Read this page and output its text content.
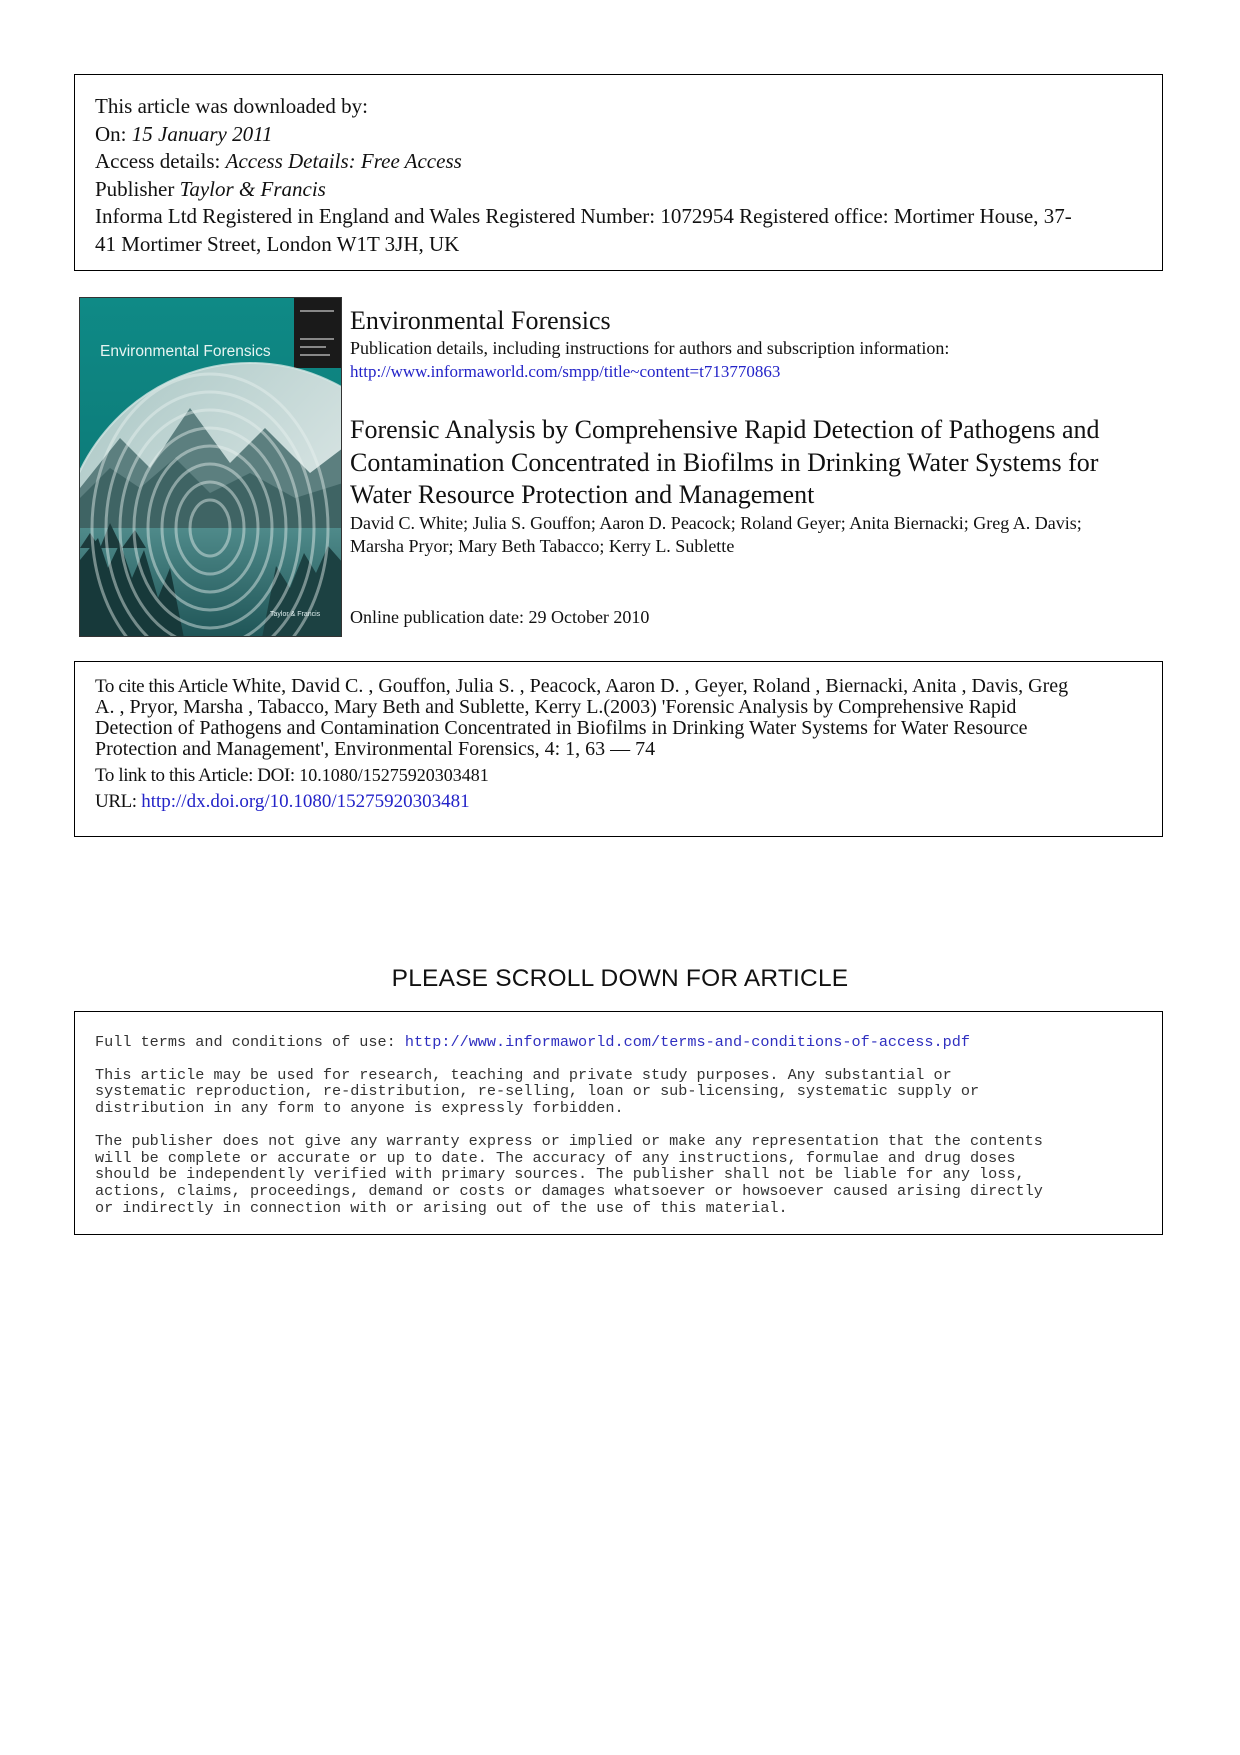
This article was downloaded by:
On: 15 January 2011
Access details: Access Details: Free Access
Publisher Taylor & Francis
Informa Ltd Registered in England and Wales Registered Number: 1072954 Registered office: Mortimer House, 37-
41 Mortimer Street, London W1T 3JH, UK
Environmental Forensics
Taylor & Francis
Environmental Forensics
Publication details, including instructions for authors and subscription information:
http://www.informaworld.com/smpp/title~content=t713770863
Forensic Analysis by Comprehensive Rapid Detection of Pathogens and
Contamination Concentrated in Biofilms in Drinking Water Systems for
Water Resource Protection and Management
David C. White; Julia S. Gouffon; Aaron D. Peacock; Roland Geyer; Anita Biernacki; Greg A. Davis;
Marsha Pryor; Mary Beth Tabacco; Kerry L. Sublette
Online publication date: 29 October 2010
To cite this Article White, David C. , Gouffon, Julia S. , Peacock, Aaron D. , Geyer, Roland , Biernacki, Anita , Davis, Greg
A. , Pryor, Marsha , Tabacco, Mary Beth and Sublette, Kerry L.(2003) 'Forensic Analysis by Comprehensive Rapid
Detection of Pathogens and Contamination Concentrated in Biofilms in Drinking Water Systems for Water Resource
Protection and Management', Environmental Forensics, 4: 1, 63 — 74
To link to this Article: DOI: 10.1080/15275920303481
URL: http://dx.doi.org/10.1080/15275920303481
PLEASE SCROLL DOWN FOR ARTICLE

Full terms and conditions of use: http://www.informaworld.com/terms-and-conditions-of-access.pdf

This article may be used for research, teaching and private study purposes. Any substantial or
systematic reproduction, re-distribution, re-selling, loan or sub-licensing, systematic supply or
distribution in any form to anyone is expressly forbidden.

The publisher does not give any warranty express or implied or make any representation that the contents
will be complete or accurate or up to date. The accuracy of any instructions, formulae and drug doses
should be independently verified with primary sources. The publisher shall not be liable for any loss,
actions, claims, proceedings, demand or costs or damages whatsoever or howsoever caused arising directly
or indirectly in connection with or arising out of the use of this material.
